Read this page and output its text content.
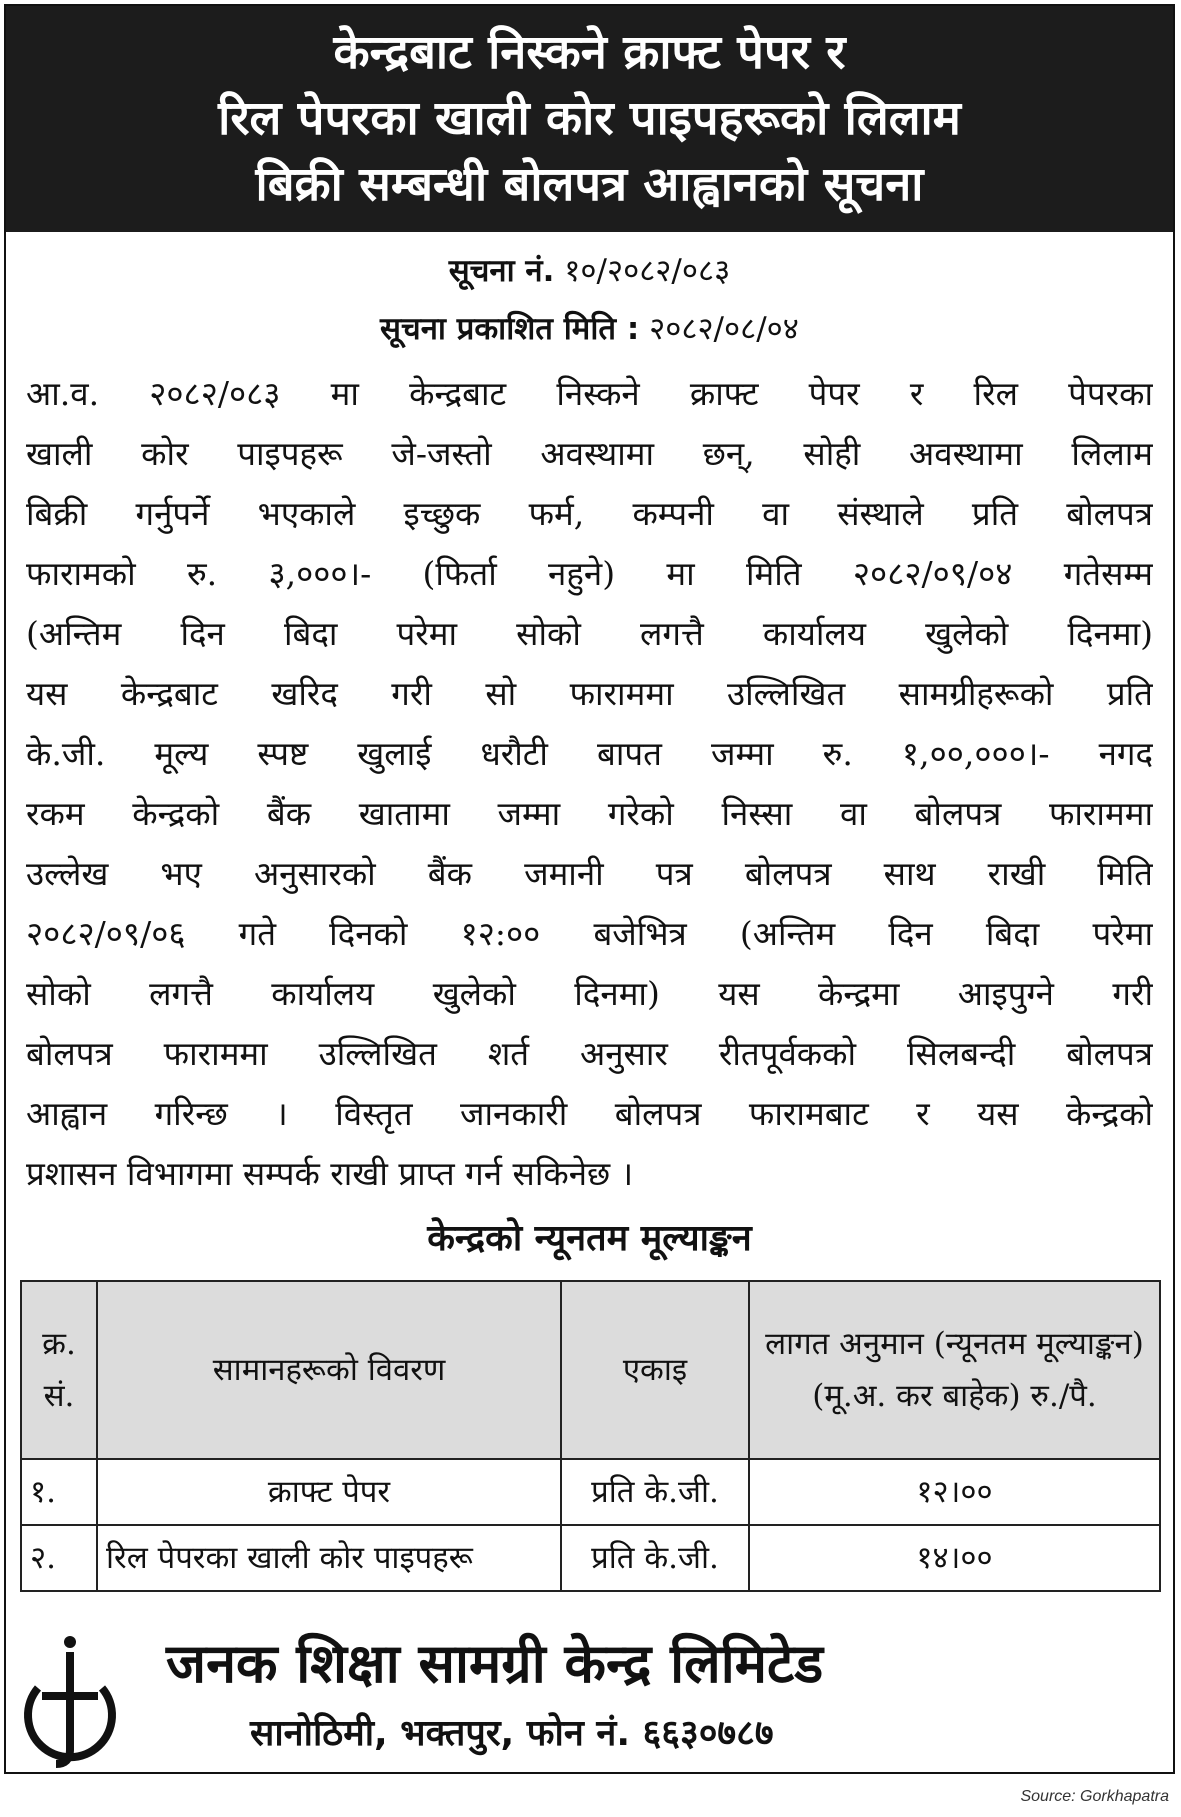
केन्द्रबाट निस्कने क्राफ्ट पेपर र
रिल पेपरका खाली कोर पाइपहरूको लिलाम
बिक्री सम्बन्धी बोलपत्र आह्वानको सूचना
सूचना नं. १०/२०८२/०८३
सूचना प्रकाशित मिति : २०८२/०८/०४
आ.व. २०८२/०८३ मा केन्द्रबाट निस्कने क्राफ्ट पेपर र रिल पेपरका
खाली कोर पाइपहरू जे-जस्तो अवस्थामा छन्, सोही अवस्थामा लिलाम
बिक्री गर्नुपर्ने भएकाले इच्छुक फर्म, कम्पनी वा संस्थाले प्रति बोलपत्र
फारामको रु. ३,०००।- (फिर्ता नहुने) मा मिति २०८२/०९/०४ गतेसम्म
(अन्तिम दिन बिदा परेमा सोको लगत्तै कार्यालय खुलेको दिनमा)
यस केन्द्रबाट खरिद गरी सो फाराममा उल्लिखित सामग्रीहरूको प्रति
के.जी. मूल्य स्पष्ट खुलाई धरौटी बापत जम्मा रु. १,००,०००।- नगद
रकम केन्द्रको बैंक खातामा जम्मा गरेको निस्सा वा बोलपत्र फाराममा
उल्लेख भए अनुसारको बैंक जमानी पत्र बोलपत्र साथ राखी मिति
२०८२/०९/०६ गते दिनको १२:०० बजेभित्र (अन्तिम दिन बिदा परेमा
सोको लगत्तै कार्यालय खुलेको दिनमा) यस केन्द्रमा आइपुग्ने गरी
बोलपत्र फाराममा उल्लिखित शर्त अनुसार रीतपूर्वकको सिलबन्दी बोलपत्र
आह्वान गरिन्छ । विस्तृत जानकारी बोलपत्र फारामबाट र यस केन्द्रको
प्रशासन विभागमा सम्पर्क राखी प्राप्त गर्न सकिनेछ ।
केन्द्रको न्यूनतम मूल्याङ्कन
क्र. सं.	सामानहरूको विवरण	एकाइ	लागत अनुमान (न्यूनतम मूल्याङ्कन) (मू.अ. कर बाहेक) रु./पै.
१.	क्राफ्ट पेपर	प्रति के.जी.	१२।००
२.	रिल पेपरका खाली कोर पाइपहरू	प्रति के.जी.	१४।००
जनक शिक्षा सामग्री केन्द्र लिमिटेड
सानोठिमी, भक्तपुर, फोन नं. ६६३०७८७
Source: Gorkhapatra
